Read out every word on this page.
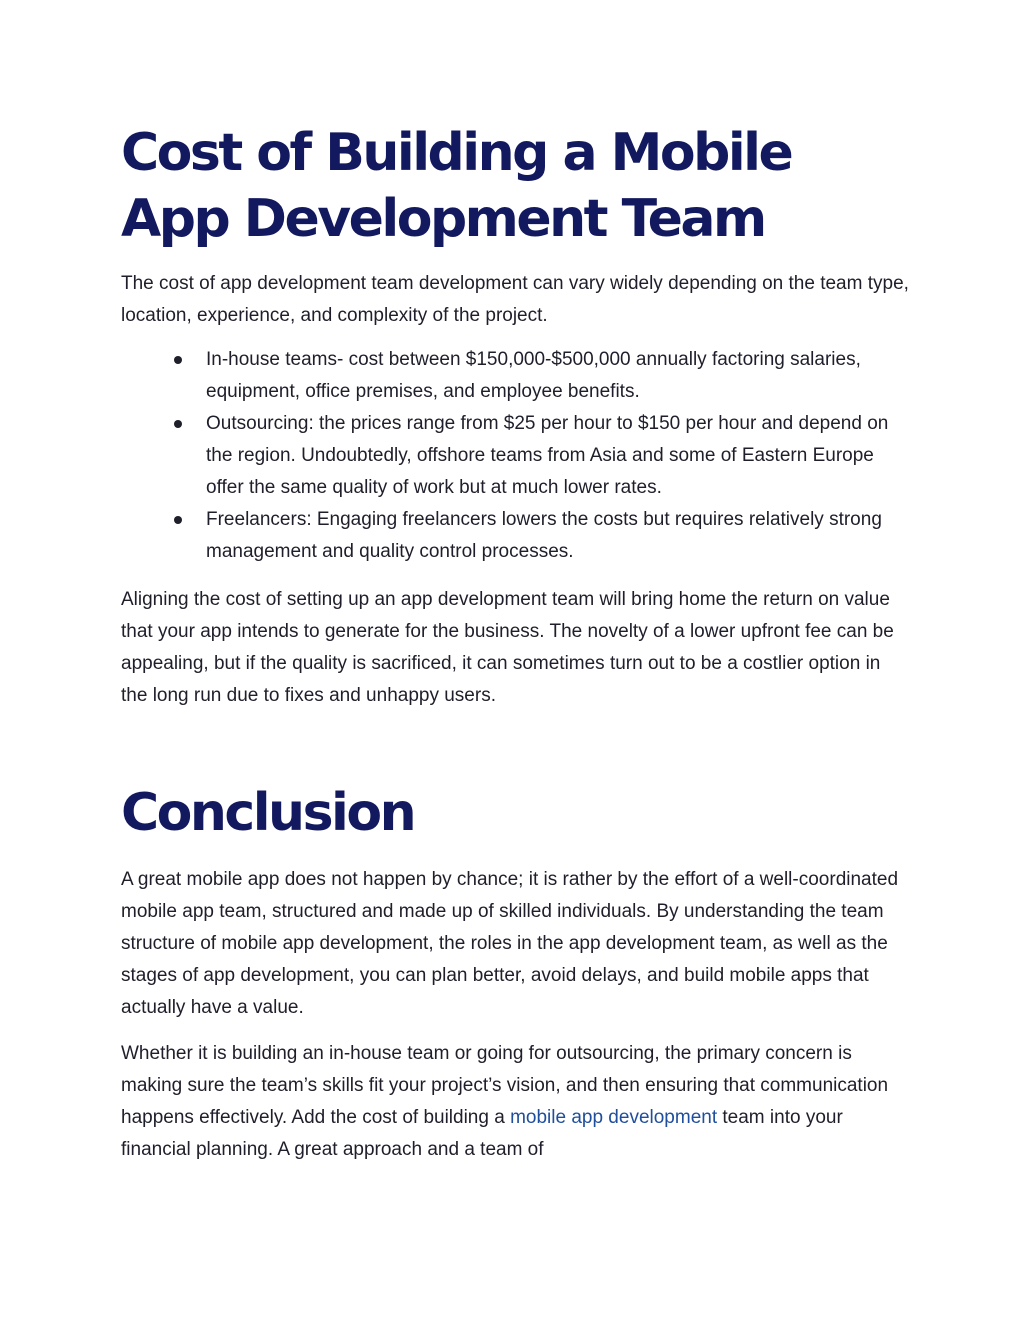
Cost of Building a Mobile App Development Team

The cost of app development team development can vary widely depending on the team type, location, experience, and complexity of the project.

In-house teams- cost between $150,000-$500,000 annually factoring salaries, equipment, office premises, and employee benefits.
Outsourcing: the prices range from $25 per hour to $150 per hour and depend on the region. Undoubtedly, offshore teams from Asia and some of Eastern Europe offer the same quality of work but at much lower rates.
Freelancers: Engaging freelancers lowers the costs but requires relatively strong management and quality control processes.

Aligning the cost of setting up an app development team will bring home the return on value that your app intends to generate for the business. The novelty of a lower upfront fee can be appealing, but if the quality is sacrificed, it can sometimes turn out to be a costlier option in the long run due to fixes and unhappy users.

Conclusion

A great mobile app does not happen by chance; it is rather by the effort of a well-coordinated mobile app team, structured and made up of skilled individuals. By understanding the team structure of mobile app development, the roles in the app development team, as well as the stages of app development, you can plan better, avoid delays, and build mobile apps that actually have a value.

Whether it is building an in-house team or going for outsourcing, the primary concern is making sure the team’s skills fit your project’s vision, and then ensuring that communication happens effectively. Add the cost of building a mobile app development team into your financial planning. A great approach and a team of
